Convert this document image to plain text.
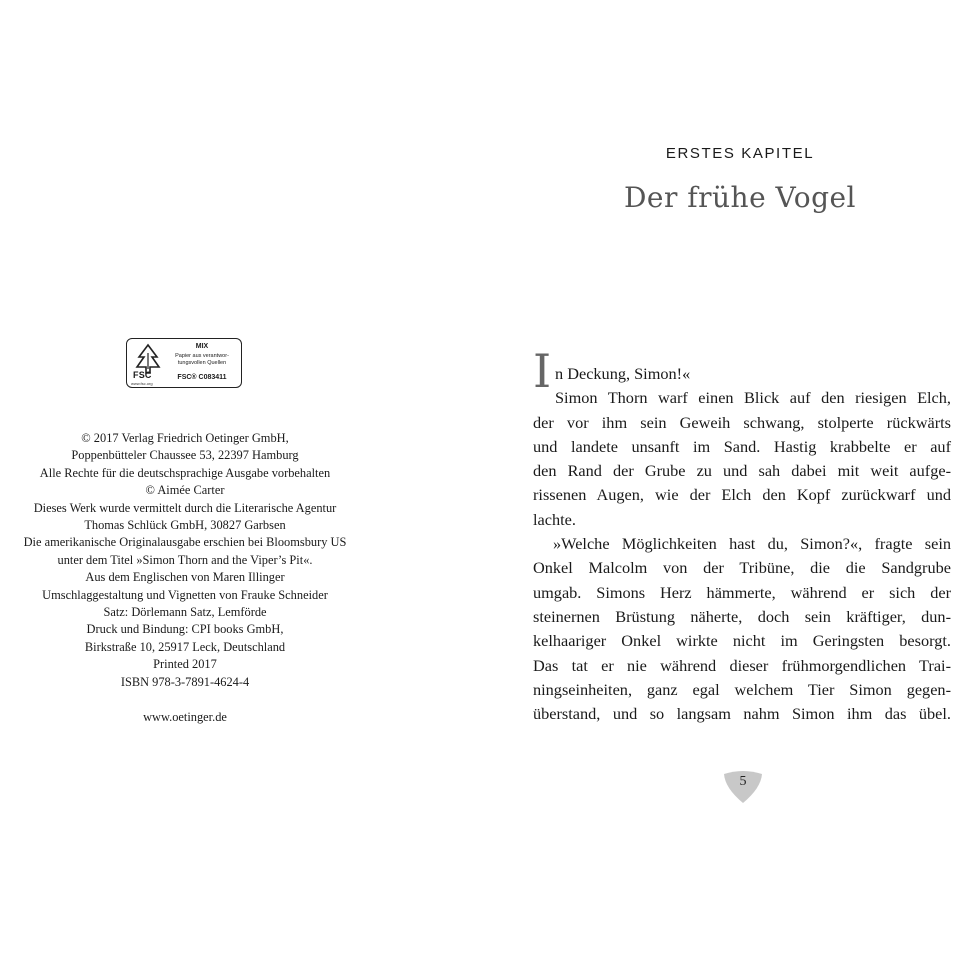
FSC
www.fsc.org
MIX
Papier aus verantwor-
tungsvollen Quellen
FSC® C083411
© 2017 Verlag Friedrich Oetinger GmbH,
Poppenbütteler Chaussee 53, 22397 Hamburg
Alle Rechte für die deutschsprachige Ausgabe vorbehalten
© Aimée Carter
Dieses Werk wurde vermittelt durch die Literarische Agentur
Thomas Schlück GmbH, 30827 Garbsen
Die amerikanische Originalausgabe erschien bei Bloomsbury US
unter dem Titel »Simon Thorn and the Viper’s Pit«.
Aus dem Englischen von Maren Illinger
Umschlaggestaltung und Vignetten von Frauke Schneider
Satz: Dörlemann Satz, Lemförde
Druck und Bindung: CPI books GmbH,
Birkstraße 10, 25917 Leck, Deutschland
Printed 2017
ISBN 978-3-7891-4624-4
www.oetinger.de
ERSTES KAPITEL
Der frühe Vogel
I n Deckung, Simon!«
Simon Thorn warf einen Blick auf den riesigen Elch,
der vor ihm sein Geweih schwang, stolperte rückwärts
und landete unsanft im Sand. Hastig krabbelte er auf
den Rand der Grube zu und sah dabei mit weit aufge-
rissenen Augen, wie der Elch den Kopf zurückwarf und
lachte.
»Welche Möglichkeiten hast du, Simon?«, fragte sein
Onkel Malcolm von der Tribüne, die die Sandgrube
umgab. Simons Herz hämmerte, während er sich der
steinernen Brüstung näherte, doch sein kräftiger, dun-
kelhaariger Onkel wirkte nicht im Geringsten besorgt.
Das tat er nie während dieser frühmorgendlichen Trai-
ningseinheiten, ganz egal welchem Tier Simon gegen-
überstand, und so langsam nahm Simon ihm das übel.
5
